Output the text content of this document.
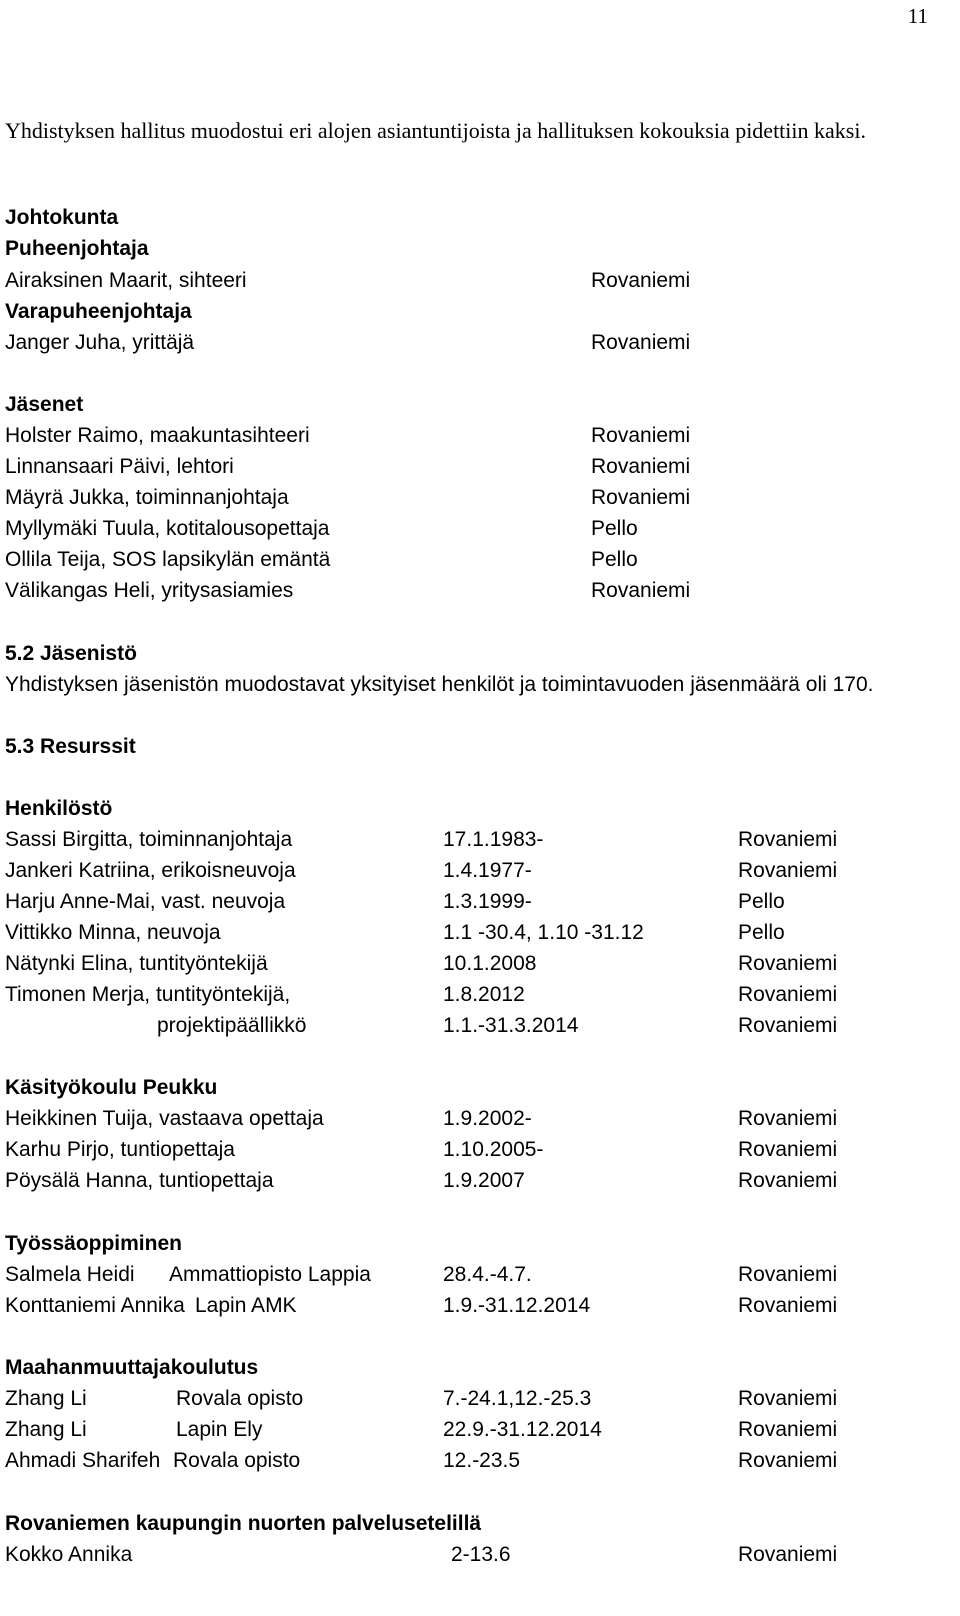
11
Yhdistyksen hallitus muodostui eri alojen asiantuntijoista ja hallituksen kokouksia pidettiin kaksi.
Johtokunta
Puheenjohtaja
Airaksinen Maarit, sihteeri	Rovaniemi
Varapuheenjohtaja
Janger Juha, yrittäjä	Rovaniemi
Jäsenet
Holster Raimo, maakuntasihteeri	Rovaniemi
Linnansaari Päivi, lehtori	Rovaniemi
Mäyrä Jukka, toiminnanjohtaja	Rovaniemi
Myllymäki Tuula, kotitalousopettaja	Pello
Ollila Teija, SOS lapsikylän emäntä	Pello
Välikangas Heli, yritysasiamies	Rovaniemi
5.2 Jäsenistö
Yhdistyksen jäsenistön muodostavat yksityiset henkilöt ja toimintavuoden jäsenmäärä oli 170.
5.3 Resurssit
Henkilöstö
Sassi Birgitta, toiminnanjohtaja	17.1.1983-	Rovaniemi
Jankeri Katriina, erikoisneuvoja	1.4.1977-	Rovaniemi
Harju Anne-Mai, vast. neuvoja	1.3.1999-	Pello
Vittikko Minna, neuvoja	1.1 -30.4, 1.10 -31.12	Pello
Nätynki Elina, tuntityöntekijä	10.1.2008	Rovaniemi
Timonen Merja, tuntityöntekijä,	1.8.2012	Rovaniemi
projektipäällikkö	1.1.-31.3.2014	Rovaniemi
Käsityökoulu Peukku
Heikkinen Tuija, vastaava opettaja	1.9.2002-	Rovaniemi
Karhu Pirjo, tuntiopettaja	1.10.2005-	Rovaniemi
Pöysälä Hanna, tuntiopettaja	1.9.2007	Rovaniemi
Työssäoppiminen
Salmela Heidi Ammattiopisto Lappia	28.4.-4.7.	Rovaniemi
Konttaniemi Annika Lapin AMK	1.9.-31.12.2014	Rovaniemi
Maahanmuuttajakoulutus
Zhang Li	Rovala opisto	7.-24.1,12.-25.3	Rovaniemi
Zhang Li	Lapin Ely	22.9.-31.12.2014	Rovaniemi
Ahmadi Sharifeh Rovala opisto	12.-23.5	Rovaniemi
Rovaniemen kaupungin nuorten palvelusetelillä
Kokko Annika	2-13.6	Rovaniemi
